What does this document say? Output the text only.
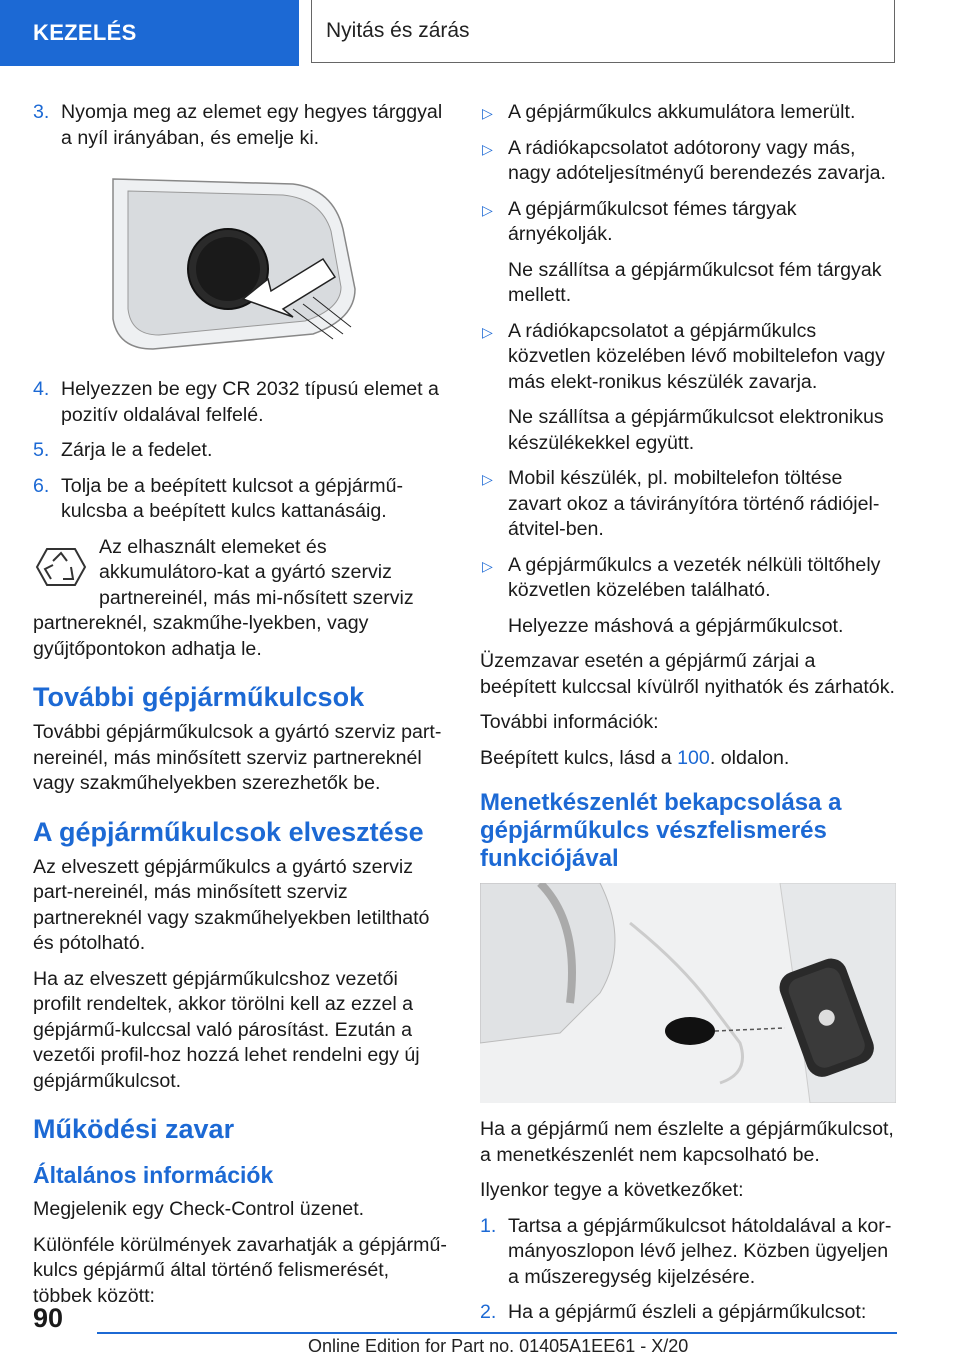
KEZELÉS	Nyitás és zárás
3. Nyomja meg az elemet egy hegyes tárggyal a nyíl irányában, és emelje ki.
4. Helyezzen be egy CR 2032 típusú elemet a pozitív oldalával felfelé.
5. Zárja le a fedelet.
6. Tolja be a beépített kulcsot a gépjármű-kulcsba a beépített kulcs kattanásáig.
Az elhasznált elemeket és akkumulátoro-kat a gyártó szerviz partnereinél, más mi-nősített szerviz partnereknél, szakműhe-lyekben, vagy gyűjtőpontokon adhatja le.
További gépjárműkulcsok

További gépjárműkulcsok a gyártó szerviz part-nereinél, más minősített szerviz partnereknél vagy szakműhelyekben szerezhetők be.

A gépjárműkulcsok elvesztése

Az elveszett gépjárműkulcs a gyártó szerviz part-nereinél, más minősített szerviz partnereknél vagy szakműhelyekben letiltható és pótolható.

Ha az elveszett gépjárműkulcshoz vezetői profilt rendeltek, akkor törölni kell az ezzel a gépjármű-kulccsal való párosítást. Ezután a vezetői profil-hoz hozzá lehet rendelni egy új gépjárműkulcsot.

Működési zavar
Általános információk

Megjelenik egy Check-Control üzenet.

Különféle körülmények zavarhatják a gépjármű-kulcs gépjármű által történő felismerését, többek között:

▷ A gépjárműkulcs akkumulátora lemerült.
▷ A rádiókapcsolatot adótorony vagy más, nagy adóteljesítményű berendezés zavarja.
▷ A gépjárműkulcsot fémes tárgyak árnyékolják.
Ne szállítsa a gépjárműkulcsot fém tárgyak mellett.
▷ A rádiókapcsolatot a gépjárműkulcs közvetlen közelében lévő mobiltelefon vagy más elekt-ronikus készülék zavarja.
Ne szállítsa a gépjárműkulcsot elektronikus készülékekkel együtt.
▷ Mobil készülék, pl. mobiltelefon töltése zavart okoz a távirányítóra történő rádiójel-átvitel-ben.
▷ A gépjárműkulcs a vezeték nélküli töltőhely közvetlen közelében található.
Helyezze máshová a gépjárműkulcsot.

Üzemzavar esetén a gépjármű zárjai a beépített kulccsal kívülről nyithatók és zárhatók.

További információk:

Beépített kulcs, lásd a 100. oldalon.

Menetkészenlét bekapcsolása a gépjárműkulcs vészfelismerés funkciójával

Ha a gépjármű nem észlelte a gépjárműkulcsot, a menetkészenlét nem kapcsolható be.

Ilyenkor tegye a következőket:

1. Tartsa a gépjárműkulcsot hátoldalával a kor-mányoszlopon lévő jelhez. Közben ügyeljen a műszeregység kijelzésére.
2. Ha a gépjármű észleli a gépjárműkulcsot:
90
Online Edition for Part no. 01405A1EE61 - X/20
